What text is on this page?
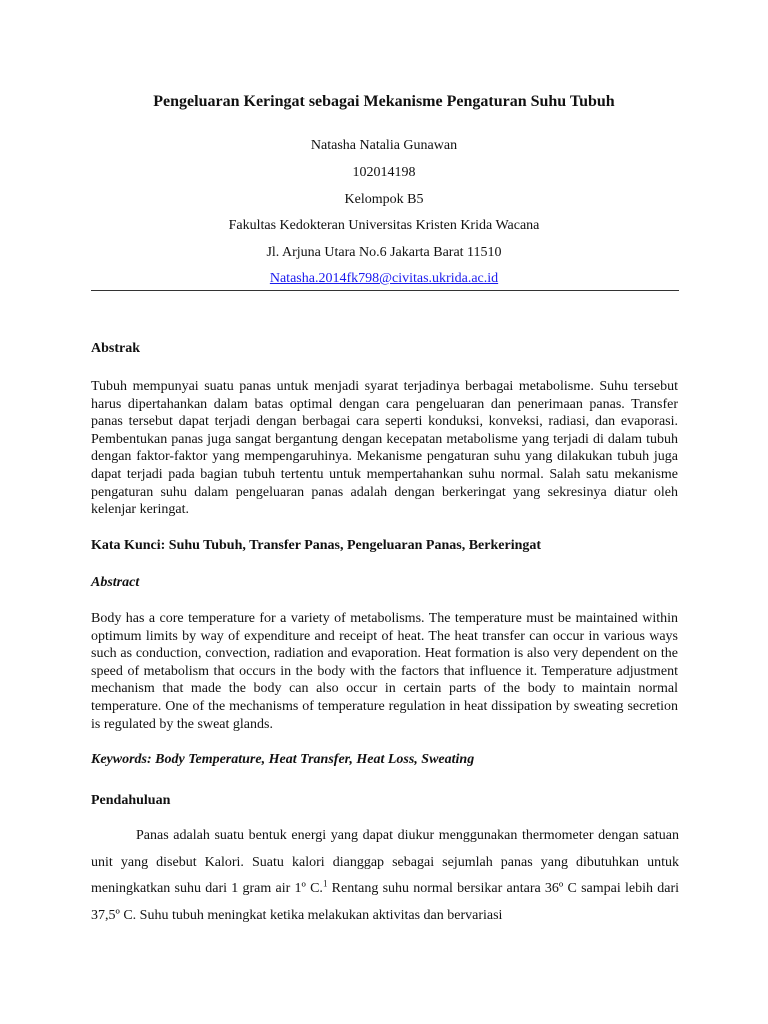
Pengeluaran Keringat sebagai Mekanisme Pengaturan Suhu Tubuh
Natasha Natalia Gunawan
102014198
Kelompok B5
Fakultas Kedokteran Universitas Kristen Krida Wacana
Jl. Arjuna Utara No.6 Jakarta Barat 11510
Natasha.2014fk798@civitas.ukrida.ac.id
Abstrak

Tubuh mempunyai suatu panas untuk menjadi syarat terjadinya berbagai metabolisme. Suhu tersebut harus dipertahankan dalam batas optimal dengan cara pengeluaran dan penerimaan panas. Transfer panas tersebut dapat terjadi dengan berbagai cara seperti konduksi, konveksi, radiasi, dan evaporasi. Pembentukan panas juga sangat bergantung dengan kecepatan metabolisme yang terjadi di dalam tubuh dengan faktor-faktor yang mempengaruhinya. Mekanisme pengaturan suhu yang dilakukan tubuh juga dapat terjadi pada bagian tubuh tertentu untuk mempertahankan suhu normal. Salah satu mekanisme pengaturan suhu dalam pengeluaran panas adalah dengan berkeringat yang sekresinya diatur oleh kelenjar keringat.

Kata Kunci: Suhu Tubuh, Transfer Panas, Pengeluaran Panas, Berkeringat
Abstract

Body has a core temperature for a variety of metabolisms. The temperature must be maintained within optimum limits by way of expenditure and receipt of heat. The heat transfer can occur in various ways such as conduction, convection, radiation and evaporation. Heat formation is also very dependent on the speed of metabolism that occurs in the body with the factors that influence it. Temperature adjustment mechanism that made the body can also occur in certain parts of the body to maintain normal temperature. One of the mechanisms of temperature regulation in heat dissipation by sweating secretion is regulated by the sweat glands.

Keywords: Body Temperature, Heat Transfer, Heat Loss, Sweating
Pendahuluan

Panas adalah suatu bentuk energi yang dapat diukur menggunakan thermometer dengan satuan unit yang disebut Kalori. Suatu kalori dianggap sebagai sejumlah panas yang dibutuhkan untuk meningkatkan suhu dari 1 gram air 1º C.$^1$ Rentang suhu normal bersikar antara 36º C sampai lebih dari 37,5º C. Suhu tubuh meningkat ketika melakukan aktivitas dan bervariasi
